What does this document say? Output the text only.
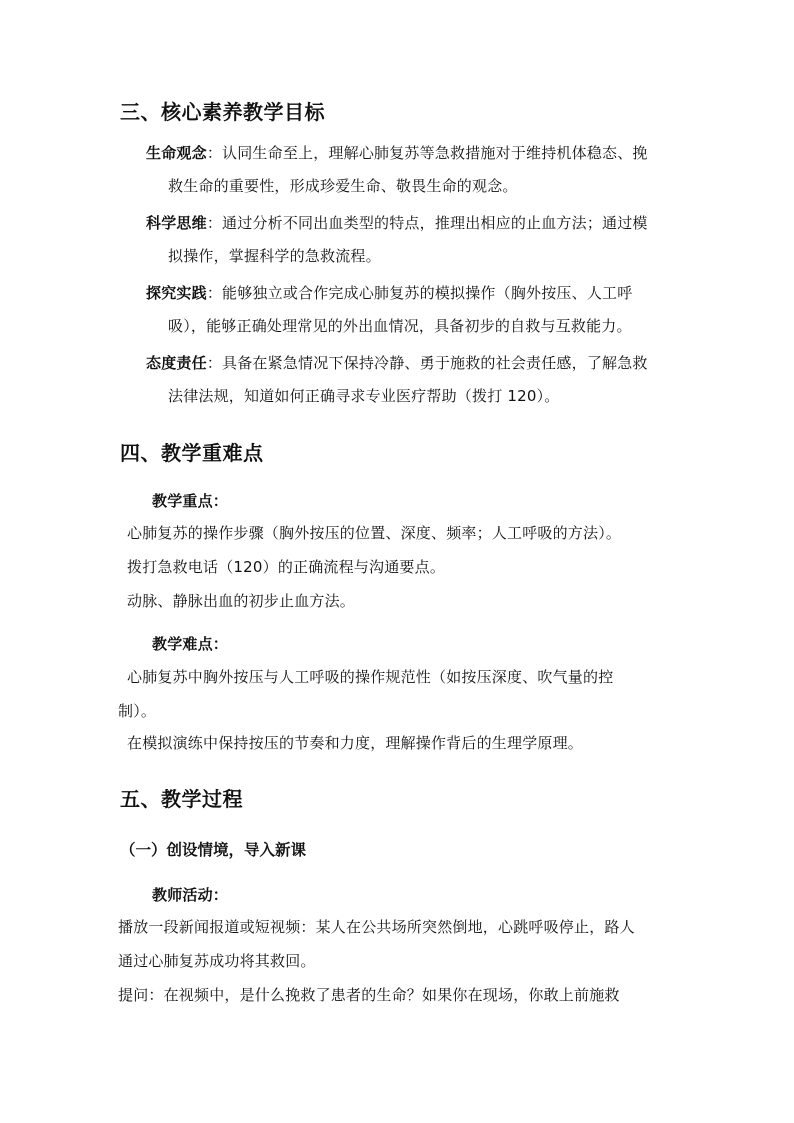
三、核心素养教学目标
生命观念：认同生命至上，理解心肺复苏等急救措施对于维持机体稳态、挽
救生命的重要性，形成珍爱生命、敬畏生命的观念。
科学思维：通过分析不同出血类型的特点，推理出相应的止血方法；通过模
拟操作，掌握科学的急救流程。
探究实践：能够独立或合作完成心肺复苏的模拟操作（胸外按压、人工呼
吸），能够正确处理常见的外出血情况，具备初步的自救与互救能力。
态度责任：具备在紧急情况下保持冷静、勇于施救的社会责任感，了解急救
法律法规，知道如何正确寻求专业医疗帮助（拨打 120）。
四、教学重难点
教学重点：
心肺复苏的操作步骤（胸外按压的位置、深度、频率；人工呼吸的方法）。
拨打急救电话（120）的正确流程与沟通要点。
动脉、静脉出血的初步止血方法。
教学难点：
心肺复苏中胸外按压与人工呼吸的操作规范性（如按压深度、吹气量的控
制）。
在模拟演练中保持按压的节奏和力度，理解操作背后的生理学原理。
五、教学过程
（一）创设情境，导入新课
教师活动：
播放一段新闻报道或短视频：某人在公共场所突然倒地，心跳呼吸停止，路人
通过心肺复苏成功将其救回。
提问：在视频中，是什么挽救了患者的生命？如果你在现场，你敢上前施救
